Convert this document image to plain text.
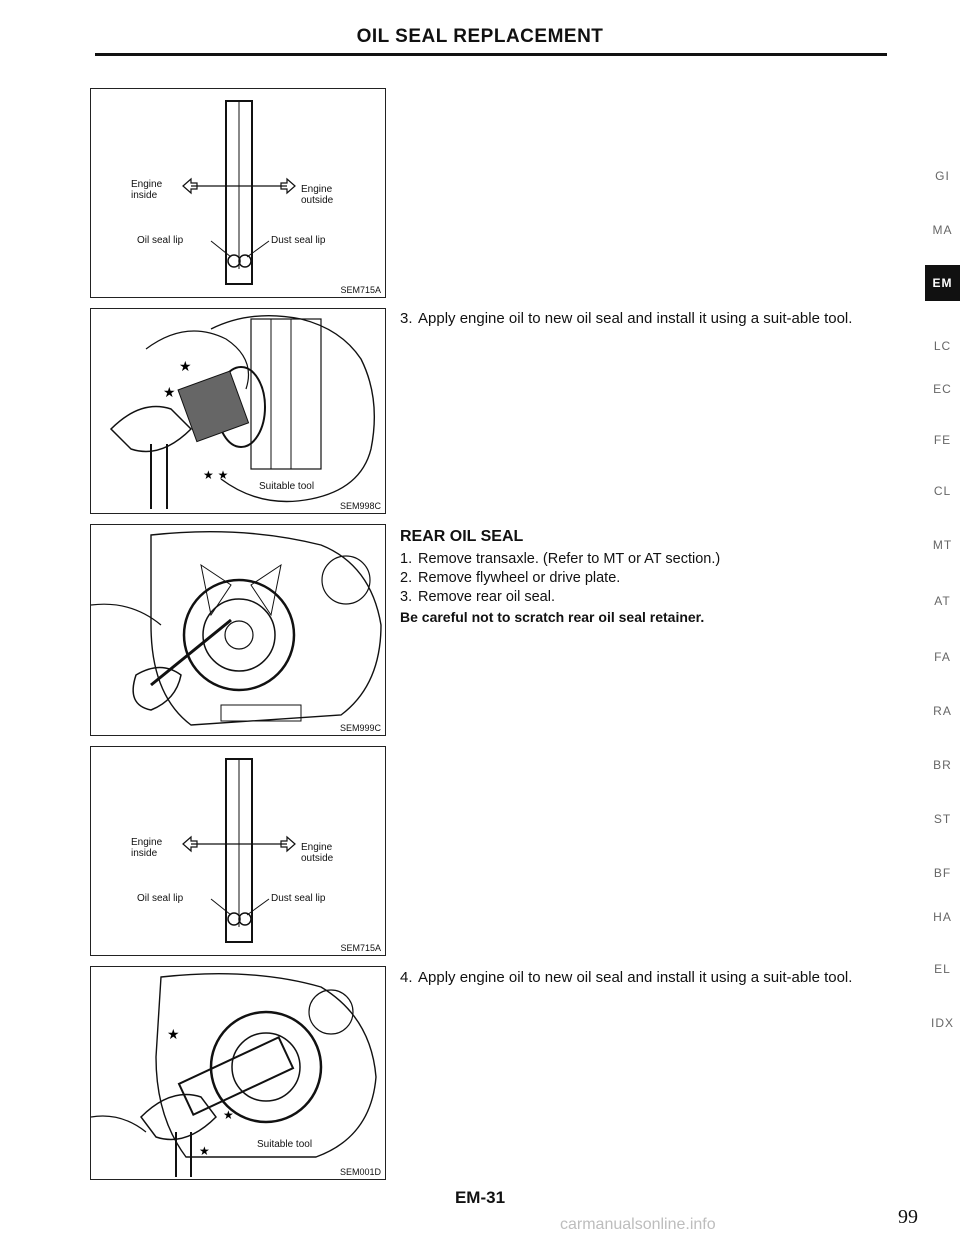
OIL SEAL REPLACEMENT
Engine
inside
Engine
outside
Oil seal lip	Dust seal lip
SEM715A
★
★
★ ★
Suitable tool
SEM998C
SEM999C
Engine
inside
Engine
outside
Oil seal lip	Dust seal lip
SEM715A
★
★
★	Suitable tool
SEM001D
3. Apply engine oil to new oil seal and install it using a suit-able tool.
REAR OIL SEAL
1. Remove transaxle. (Refer to MT or AT section.)
2. Remove flywheel or drive plate.
3. Remove rear oil seal.
Be careful not to scratch rear oil seal retainer.
4. Apply engine oil to new oil seal and install it using a suit-able tool.
GI
MA
EM
LC
EC
FE
CL
MT
AT
FA
RA
BR
ST
BF
HA
EL
IDX
EM-31
99
carmanualsonline.info
